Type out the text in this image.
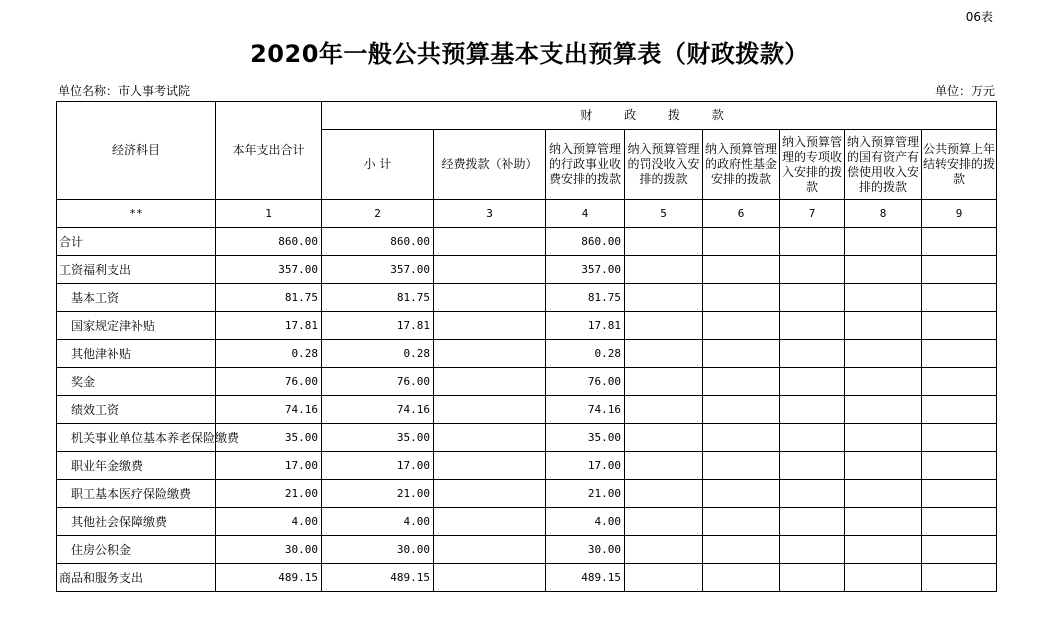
06表
2020年一般公共预算基本支出预算表（财政拨款）
单位名称：市人事考试院	单位：万元
经济科目	本年支出合计	财 政 拨 款							
		小 计	经费拨款（补助）	纳入预算管理的行政事业收费安排的拨款	纳入预算管理的罚没收入安排的拨款	纳入预算管理的政府性基金安排的拨款	纳入预算管理的专项收入安排的拨款	纳入预算管理的国有资产有偿使用收入安排的拨款	公共预算上年结转安排的拨款
**	1	2	3	4	5	6	7	8	9
合计	860.00	860.00		860.00					
工资福利支出	357.00	357.00		357.00					
基本工资	81.75	81.75		81.75					
国家规定津补贴	17.81	17.81		17.81					
其他津补贴	0.28	0.28		0.28					
奖金	76.00	76.00		76.00					
绩效工资	74.16	74.16		74.16					
机关事业单位基本养老保险缴费	35.00	35.00		35.00					
职业年金缴费	17.00	17.00		17.00					
职工基本医疗保险缴费	21.00	21.00		21.00					
其他社会保障缴费	4.00	4.00		4.00					
住房公积金	30.00	30.00		30.00					
商品和服务支出	489.15	489.15		489.15					
